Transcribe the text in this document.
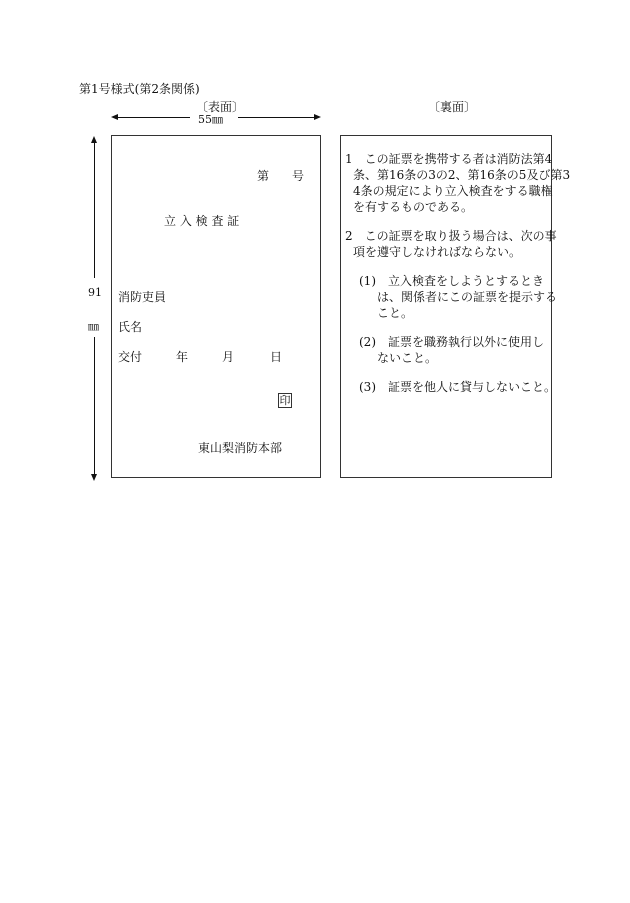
第1号様式(第2条関係)
〔表面〕	〔裏面〕
55㎜
91
㎜
第 号
立 入 検 査 証
消防吏員
氏名
交付	年	月	日
印
東山梨消防本部
1　この証票を携帯する者は消防法第4
条、第16条の3の2、第16条の5及び第3
4条の規定により立入検査をする職権
を有するものである。
2　この証票を取り扱う場合は、次の事
項を遵守しなければならない。
(1)　立入検査をしようとするとき
は、関係者にこの証票を提示する
こと。
(2)　証票を職務執行以外に使用し
ないこと。
(3)　証票を他人に貸与しないこと。
